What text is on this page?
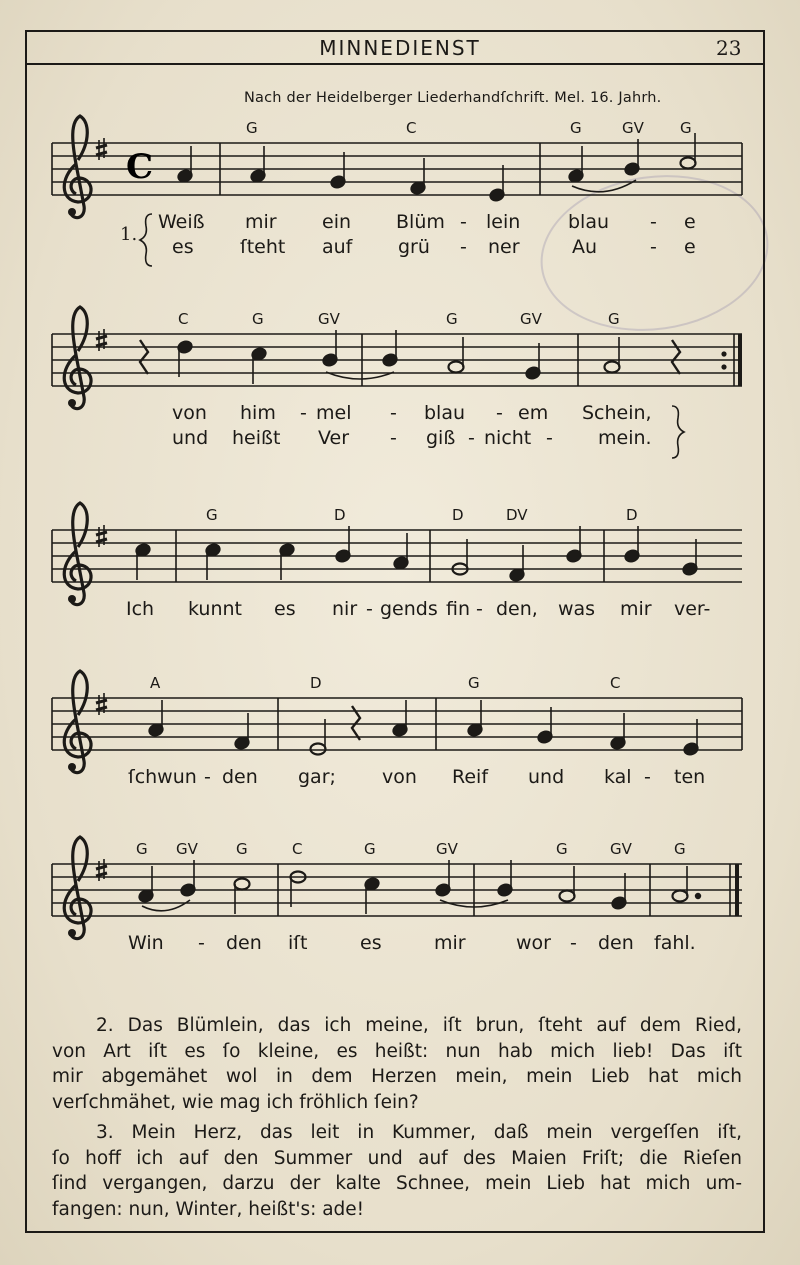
MINNEDIENST	23
Nach der Heidelberger Liederhandſchrift. Mel. 16. Jahrh.
C
G	C	G	GV G
C	G	GV	G	GV	G
G	D	D	DV	D
A	D	G	C
G GV	G	C	G	GV	G	GV	G
1.
Weiß mir ein Blüm - lein	blau - e
es ſteht auf grü - ner	Au	- e
von him - mel - blau - em Schein,
und heißt Ver - giß - nicht - mein.
Ich kunnt es nir - gends fin - den, was mir ver-
ſchwun - den gar; von Reif und kal - ten
Win - den iſt	es	mir	wor - den fahl.
2. Das Blümlein, das ich meine, iſt brun, ſteht auf dem Ried,
von Art iſt es ſo kleine, es heißt: nun hab mich lieb! Das iſt
mir abgemähet wol in dem Herzen mein, mein Lieb hat mich
verſchmähet, wie mag ich fröhlich ſein?
3. Mein Herz, das leit in Kummer, daß mein vergeſſen iſt,
ſo hoff ich auf den Summer und auf des Maien Friſt; die Rieſen
ſind vergangen, darzu der kalte Schnee, mein Lieb hat mich um-
fangen: nun, Winter, heißt's: ade!
